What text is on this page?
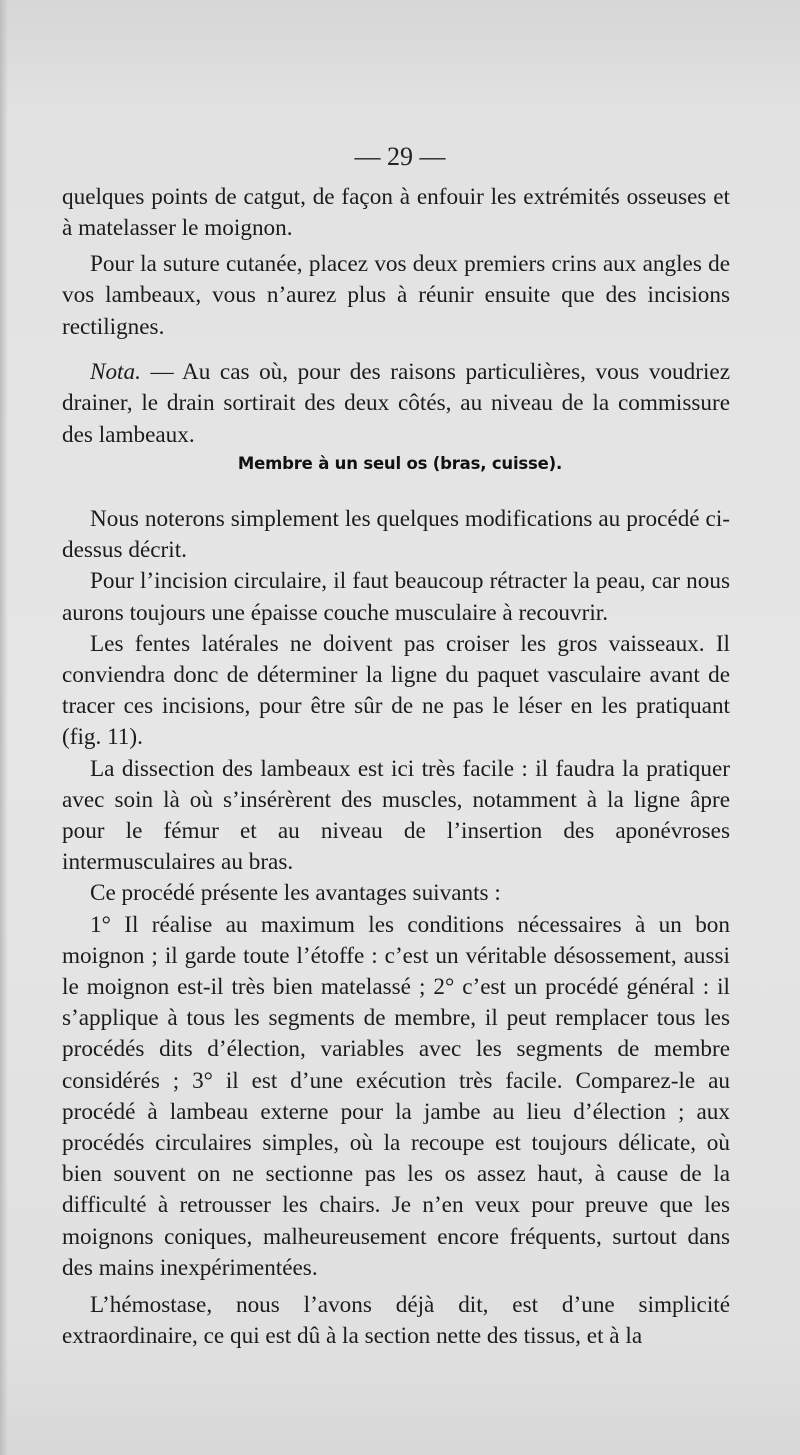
— 29 —

quelques points de catgut, de façon à enfouir les extrémités osseuses et à matelasser le moignon.

Pour la suture cutanée, placez vos deux premiers crins aux angles de vos lambeaux, vous n’aurez plus à réunir ensuite que des incisions rectilignes.

Nota. — Au cas où, pour des raisons particulières, vous voudriez drainer, le drain sortirait des deux côtés, au niveau de la commissure des lambeaux.

Membre à un seul os (bras, cuisse).

Nous noterons simplement les quelques modifications au procédé ci-dessus décrit.

Pour l’incision circulaire, il faut beaucoup rétracter la peau, car nous aurons toujours une épaisse couche musculaire à recouvrir.

Les fentes latérales ne doivent pas croiser les gros vaisseaux. Il conviendra donc de déterminer la ligne du paquet vasculaire avant de tracer ces incisions, pour être sûr de ne pas le léser en les pratiquant (fig. 11).

La dissection des lambeaux est ici très facile : il faudra la pratiquer avec soin là où s’insérèrent des muscles, notamment à la ligne âpre pour le fémur et au niveau de l’insertion des aponévroses intermusculaires au bras.

Ce procédé présente les avantages suivants :

1° Il réalise au maximum les conditions nécessaires à un bon moignon ; il garde toute l’étoffe : c’est un véritable désossement, aussi le moignon est-il très bien matelassé ; 2° c’est un procédé général : il s’applique à tous les segments de membre, il peut remplacer tous les procédés dits d’élection, variables avec les segments de membre considérés ; 3° il est d’une exécution très facile. Comparez-le au procédé à lambeau externe pour la jambe au lieu d’élection ; aux procédés circulaires simples, où la recoupe est toujours délicate, où bien souvent on ne sectionne pas les os assez haut, à cause de la difficulté à retrousser les chairs. Je n’en veux pour preuve que les moignons coniques, malheureusement encore fréquents, surtout dans des mains inexpérimentées.

L’hémostase, nous l’avons déjà dit, est d’une simplicité extraordinaire, ce qui est dû à la section nette des tissus, et à la
